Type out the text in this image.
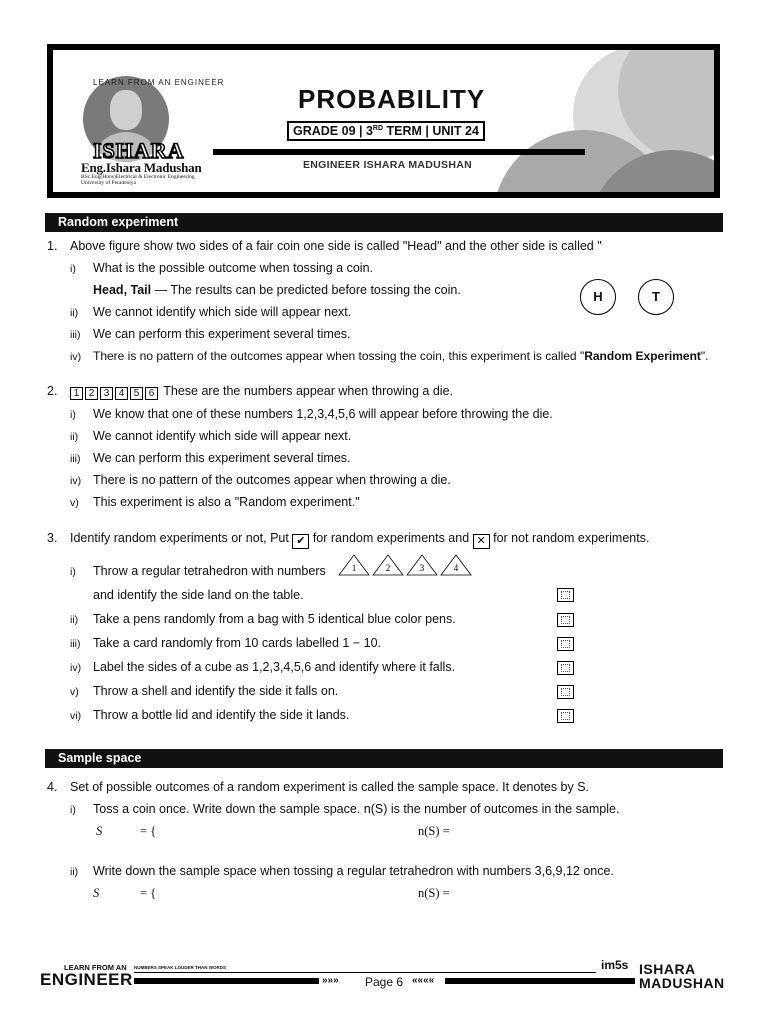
LEARN FROM AN ENGINEER
ISHARA
Eng.Ishara Madushan
BSc.Eng(Hons)Electrical & Electronic Engineering
University of Peradeniya
PROBABILITY
GRADE 09 | 3RD TERM | UNIT 24
ENGINEER ISHARA MADUSHAN
Random experiment
1. Above figure show two sides of a fair coin one side is called "Head" and the other side is called "
i) What is the possible outcome when tossing a coin.
Head, Tail — The results can be predicted before tossing the coin.
ii) We cannot identify which side will appear next.
iii) We can perform this experiment several times.
iv) There is no pattern of the outcomes appear when tossing the coin, this experiment is called "Random Experiment".
H	T
2.	1 2 3 4 5 6 These are the numbers appear when throwing a die.
i) We know that one of these numbers 1,2,3,4,5,6 will appear before throwing the die.
ii) We cannot identify which side will appear next.
iii) We can perform this experiment several times.
iv) There is no pattern of the outcomes appear when throwing a die.
v) This experiment is also a "Random experiment."
3. Identify random experiments or not, Put ✔ for random experiments and ✕ for not random experiments.
i) Throw a regular tetrahedron with numbers	1	2	3	4
and identify the side land on the table.
ii) Take a pens randomly from a bag with 5 identical blue color pens.
iii) Take a card randomly from 10 cards labelled 1 − 10.
iv) Label the sides of a cube as 1,2,3,4,5,6 and identify where it falls.
v) Throw a shell and identify the side it falls on.
vi) Throw a bottle lid and identify the side it lands.
Sample space
4. Set of possible outcomes of a random experiment is called the sample space. It denotes by S.
i) Toss a coin once. Write down the sample space. n(S) is the number of outcomes in the sample.
S	= {	n(S) =
ii) Write down the sample space when tossing a regular tetrahedron with numbers 3,6,9,12 once.
S	= {	n(S) =
LEARN FROM AN
ENGINEER
NUMBERS SPEAK LOUDER THAN WORDS
»»» Page 6 ««««
im5s ISHARA
MADUSHAN
